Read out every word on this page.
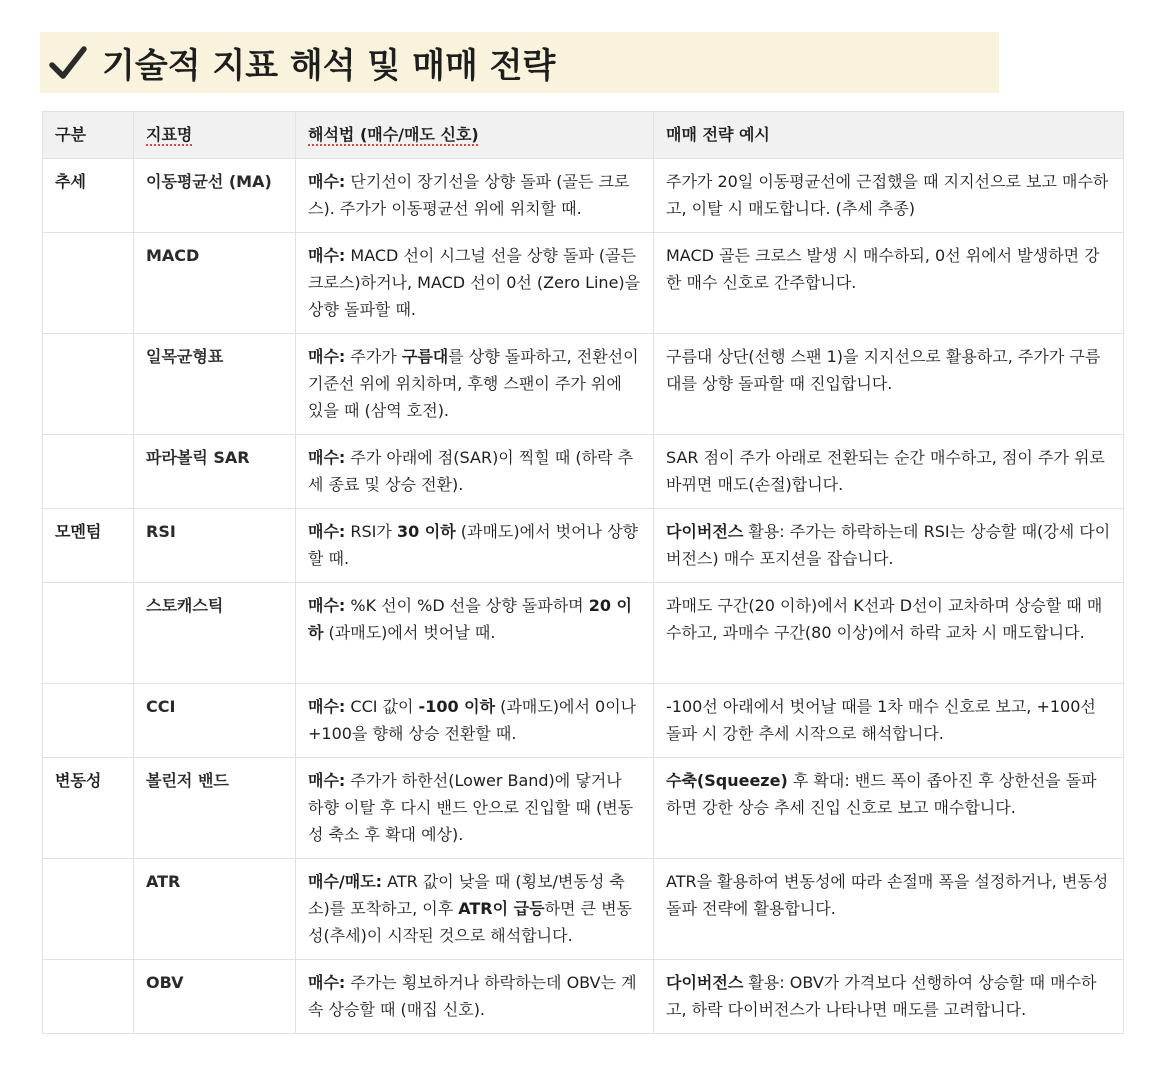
기술적 지표 해석 및 매매 전략
구분	지표명	해석법 (매수/매도 신호)	매매 전략 예시
추세	이동평균선 (MA)	매수: 단기선이 장기선을 상향 돌파 (골든 크로스). 주가가 이동평균선 위에 위치할 때.	주가가 20일 이동평균선에 근접했을 때 지지선으로 보고 매수하고, 이탈 시 매도합니다. (추세 추종)
	MACD	매수: MACD 선이 시그널 선을 상향 돌파 (골든 크로스)하거나, MACD 선이 0선 (Zero Line)을 상향 돌파할 때.	MACD 골든 크로스 발생 시 매수하되, 0선 위에서 발생하면 강한 매수 신호로 간주합니다.
	일목균형표	매수: 주가가 구름대를 상향 돌파하고, 전환선이 기준선 위에 위치하며, 후행 스팬이 주가 위에 있을 때 (삼역 호전).	구름대 상단(선행 스팬 1)을 지지선으로 활용하고, 주가가 구름대를 상향 돌파할 때 진입합니다.
	파라볼릭 SAR	매수: 주가 아래에 점(SAR)이 찍힐 때 (하락 추세 종료 및 상승 전환).	SAR 점이 주가 아래로 전환되는 순간 매수하고, 점이 주가 위로 바뀌면 매도(손절)합니다.
모멘텀	RSI	매수: RSI가 30 이하 (과매도)에서 벗어나 상향할 때.	다이버전스 활용: 주가는 하락하는데 RSI는 상승할 때(강세 다이버전스) 매수 포지션을 잡습니다.
	스토캐스틱	매수: %K 선이 %D 선을 상향 돌파하며 20 이하 (과매도)에서 벗어날 때.	과매도 구간(20 이하)에서 K선과 D선이 교차하며 상승할 때 매수하고, 과매수 구간(80 이상)에서 하락 교차 시 매도합니다.
	CCI	매수: CCI 값이 -100 이하 (과매도)에서 0이나 +100을 향해 상승 전환할 때.	-100선 아래에서 벗어날 때를 1차 매수 신호로 보고, +100선 돌파 시 강한 추세 시작으로 해석합니다.
변동성	볼린저 밴드	매수: 주가가 하한선(Lower Band)에 닿거나 하향 이탈 후 다시 밴드 안으로 진입할 때 (변동성 축소 후 확대 예상).	수축(Squeeze) 후 확대: 밴드 폭이 좁아진 후 상한선을 돌파하면 강한 상승 추세 진입 신호로 보고 매수합니다.
	ATR	매수/매도: ATR 값이 낮을 때 (횡보/변동성 축소)를 포착하고, 이후 ATR이 급등하면 큰 변동성(추세)이 시작된 것으로 해석합니다.	ATR을 활용하여 변동성에 따라 손절매 폭을 설정하거나, 변동성 돌파 전략에 활용합니다.
	OBV	매수: 주가는 횡보하거나 하락하는데 OBV는 계속 상승할 때 (매집 신호).	다이버전스 활용: OBV가 가격보다 선행하여 상승할 때 매수하고, 하락 다이버전스가 나타나면 매도를 고려합니다.
